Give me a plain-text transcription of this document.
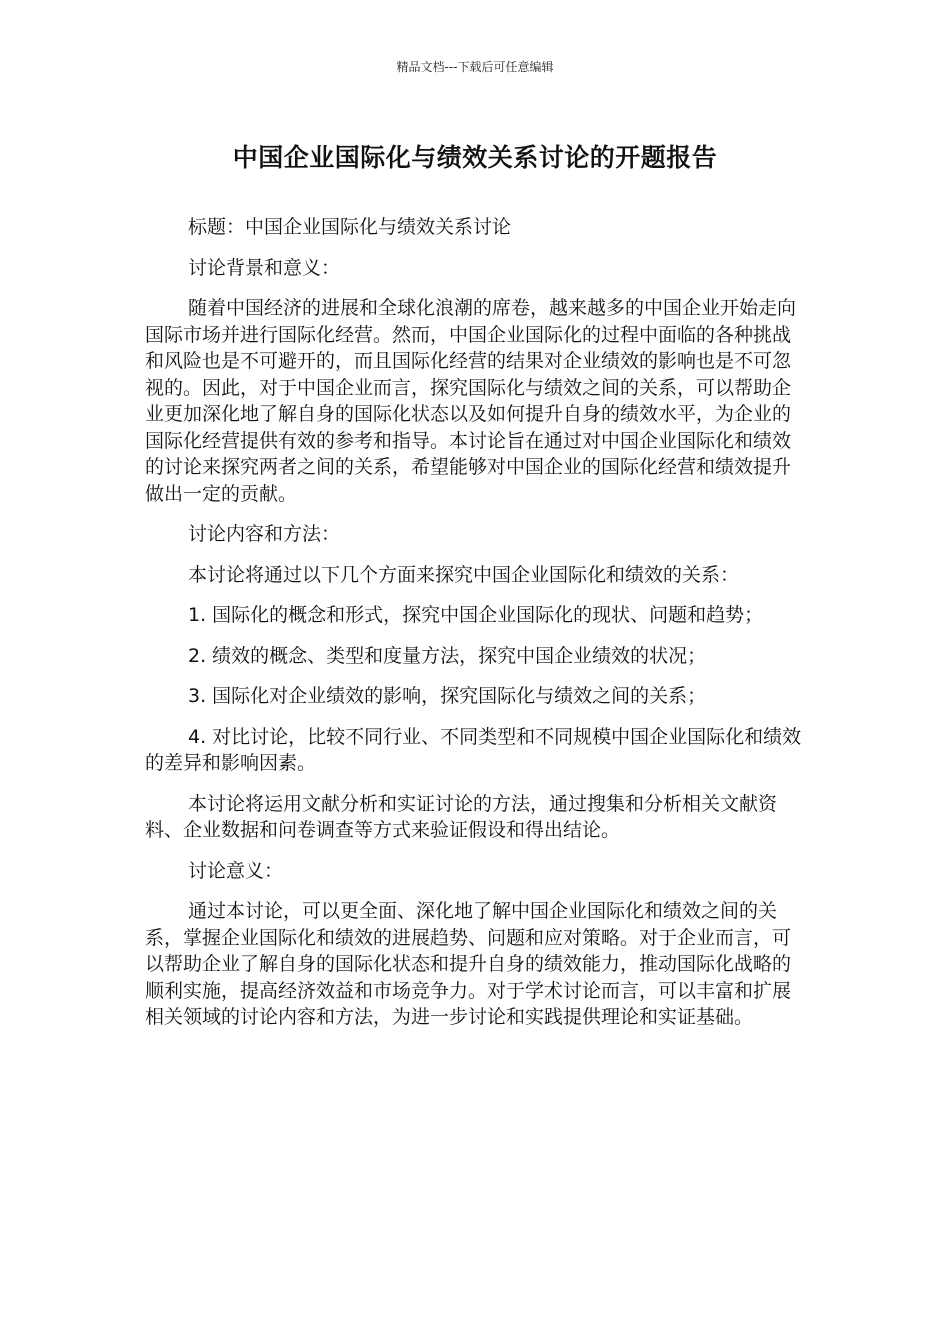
精品文档---下载后可任意编辑
中国企业国际化与绩效关系讨论的开题报告

标题：中国企业国际化与绩效关系讨论

讨论背景和意义：

随着中国经济的进展和全球化浪潮的席卷，越来越多的中国企业开始走向国际市场并进行国际化经营。然而，中国企业国际化的过程中面临的各种挑战和风险也是不可避开的，而且国际化经营的结果对企业绩效的影响也是不可忽视的。因此，对于中国企业而言，探究国际化与绩效之间的关系，可以帮助企业更加深化地了解自身的国际化状态以及如何提升自身的绩效水平，为企业的国际化经营提供有效的参考和指导。本讨论旨在通过对中国企业国际化和绩效的讨论来探究两者之间的关系，希望能够对中国企业的国际化经营和绩效提升做出一定的贡献。

讨论内容和方法：

本讨论将通过以下几个方面来探究中国企业国际化和绩效的关系：

1. 国际化的概念和形式，探究中国企业国际化的现状、问题和趋势；

2. 绩效的概念、类型和度量方法，探究中国企业绩效的状况；

3. 国际化对企业绩效的影响，探究国际化与绩效之间的关系；

4. 对比讨论，比较不同行业、不同类型和不同规模中国企业国际化和绩效的差异和影响因素。

本讨论将运用文献分析和实证讨论的方法，通过搜集和分析相关文献资料、企业数据和问卷调查等方式来验证假设和得出结论。

讨论意义：

通过本讨论，可以更全面、深化地了解中国企业国际化和绩效之间的关系，掌握企业国际化和绩效的进展趋势、问题和应对策略。对于企业而言，可以帮助企业了解自身的国际化状态和提升自身的绩效能力，推动国际化战略的顺利实施，提高经济效益和市场竞争力。对于学术讨论而言，可以丰富和扩展相关领域的讨论内容和方法，为进一步讨论和实践提供理论和实证基础。
